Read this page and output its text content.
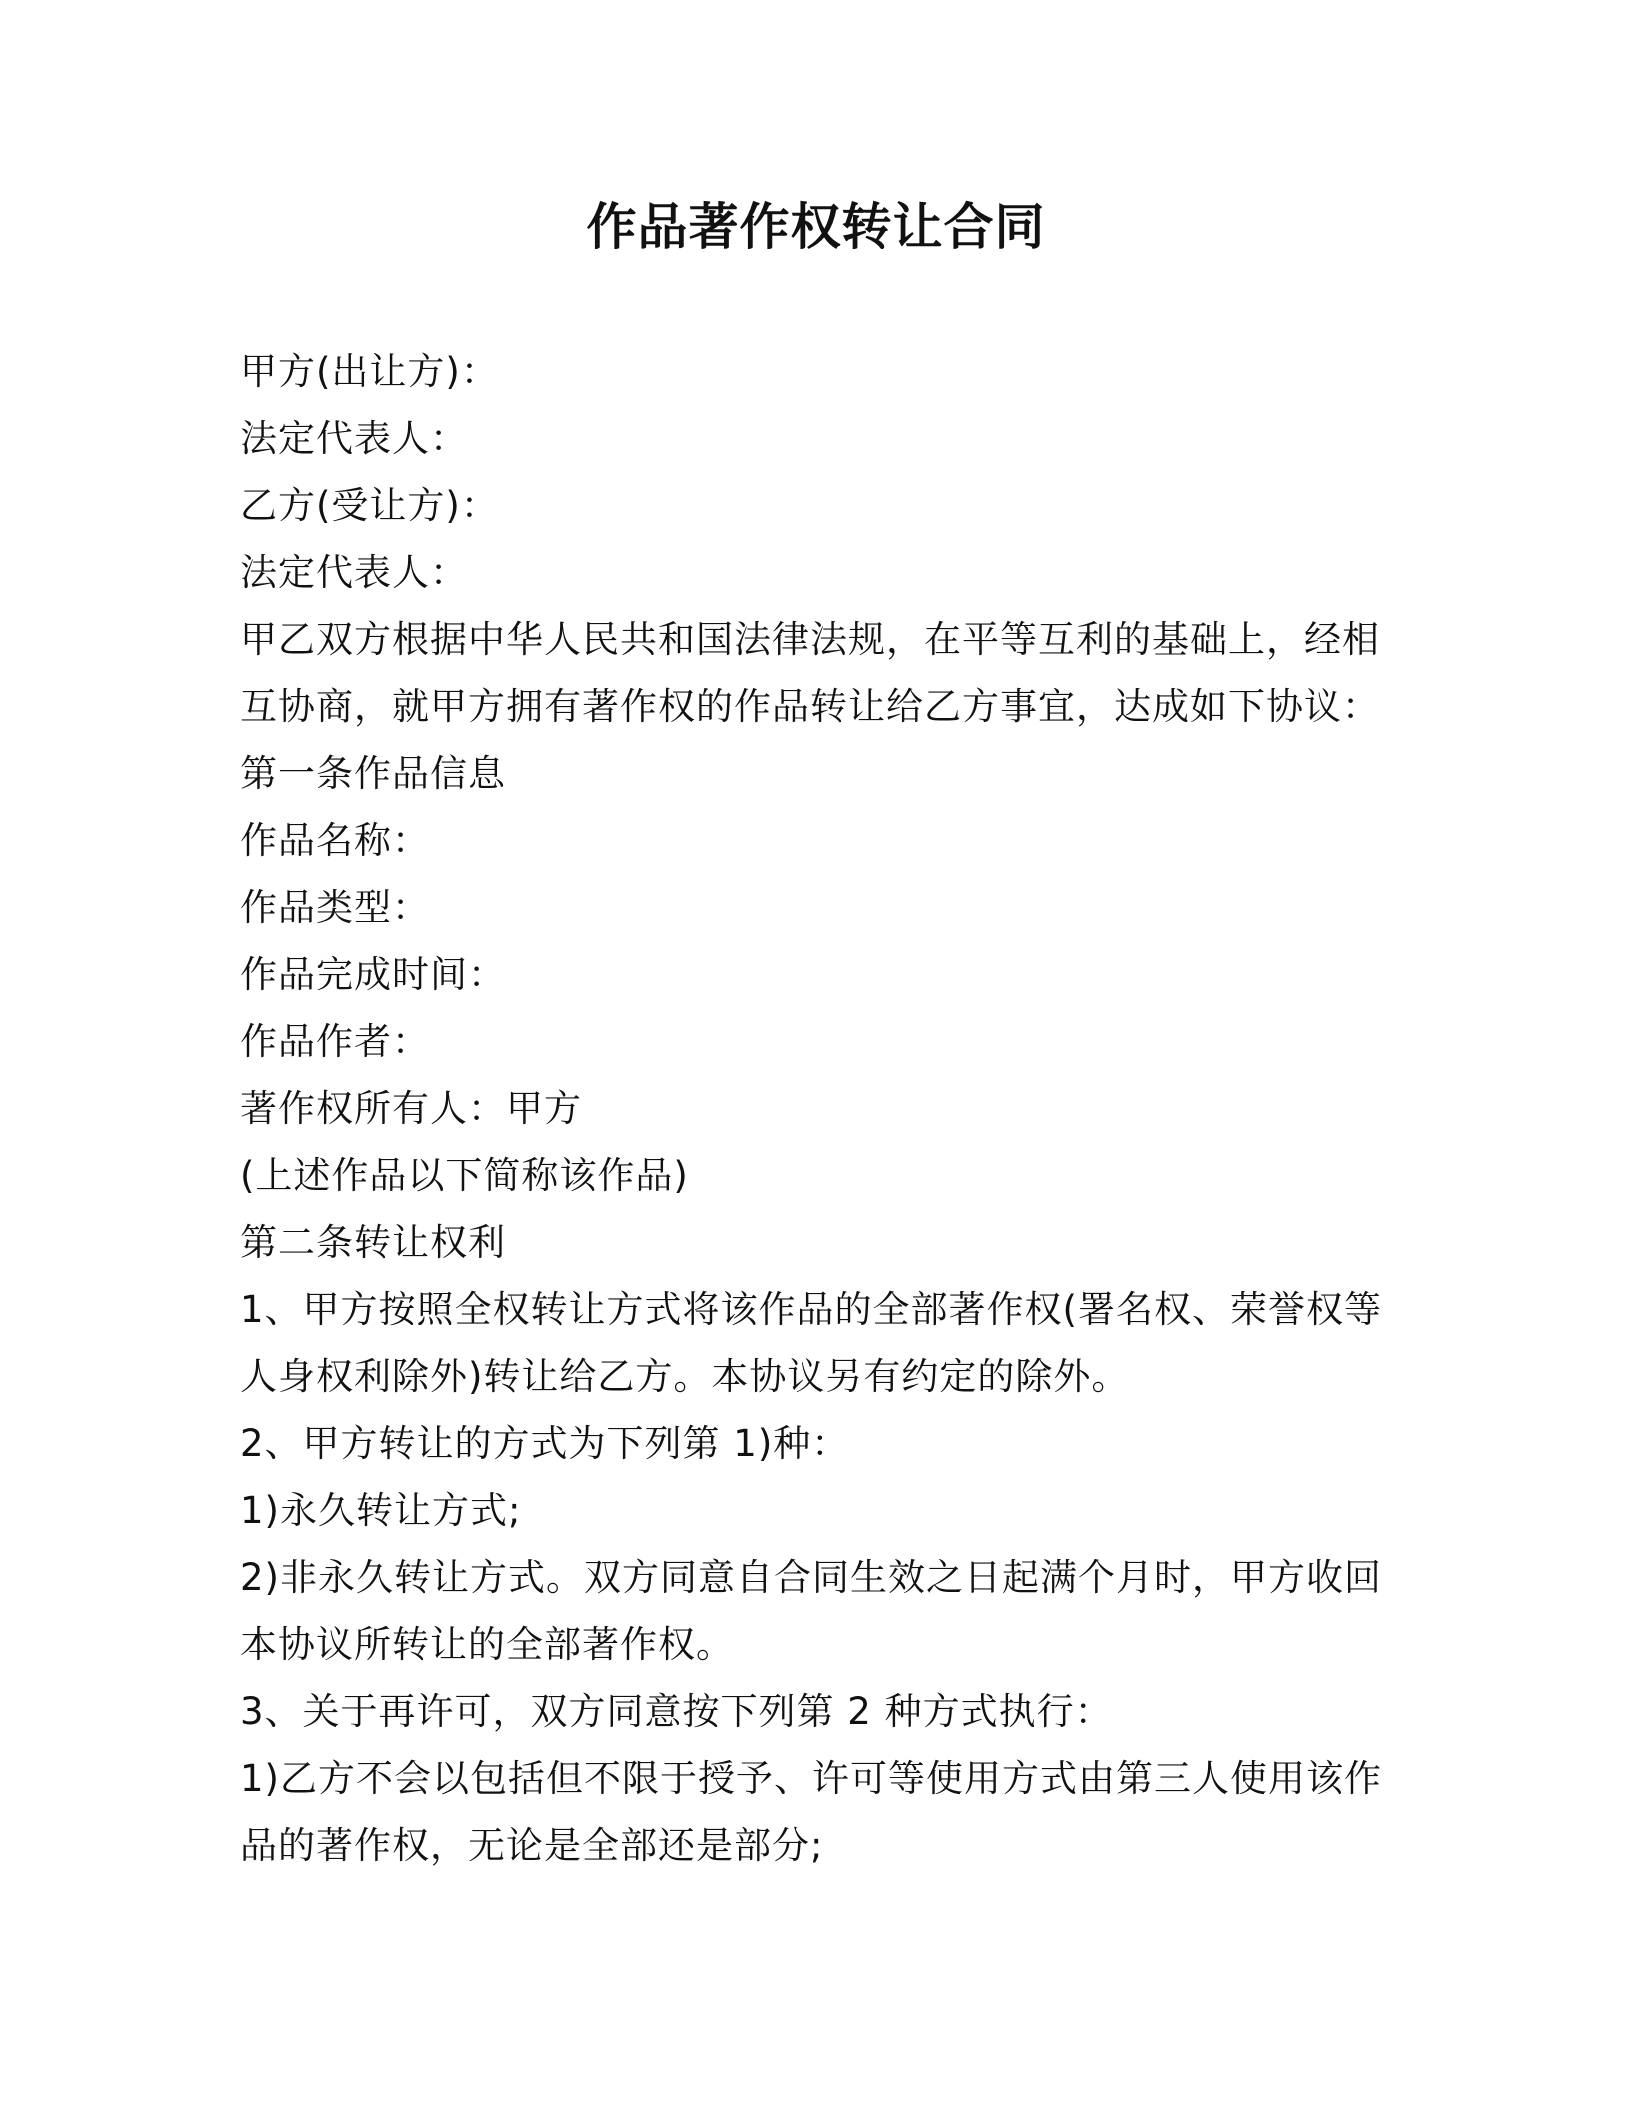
作品著作权转让合同
甲方(出让方)：
法定代表人：
乙方(受让方)：
法定代表人：
甲乙双方根据中华人民共和国法律法规，在平等互利的基础上，经相
互协商，就甲方拥有著作权的作品转让给乙方事宜，达成如下协议：
第一条作品信息
作品名称：
作品类型：
作品完成时间：
作品作者：
著作权所有人：甲方
(上述作品以下简称该作品)
第二条转让权利
1、甲方按照全权转让方式将该作品的全部著作权(署名权、荣誉权等
人身权利除外)转让给乙方。本协议另有约定的除外。
2、甲方转让的方式为下列第 1)种：
1)永久转让方式;
2)非永久转让方式。双方同意自合同生效之日起满个月时，甲方收回
本协议所转让的全部著作权。
3、关于再许可，双方同意按下列第 2 种方式执行：
1)乙方不会以包括但不限于授予、许可等使用方式由第三人使用该作
品的著作权，无论是全部还是部分;
